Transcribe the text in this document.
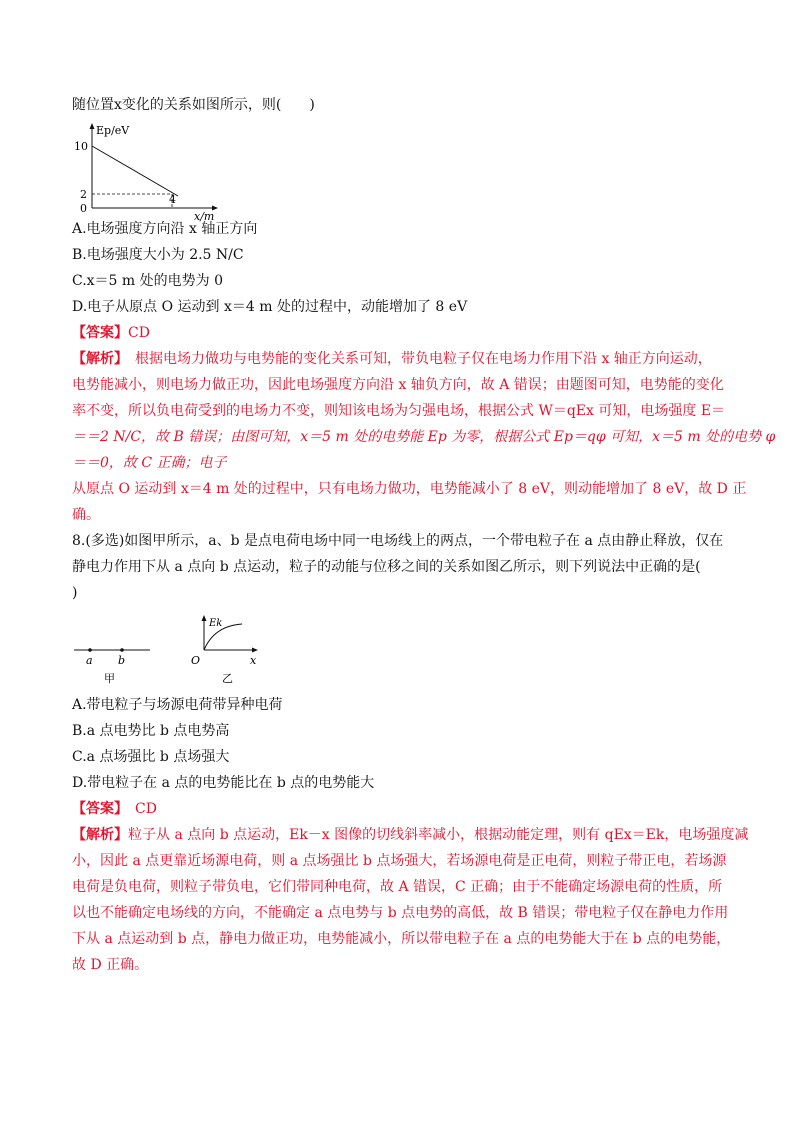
随位置x变化的关系如图所示，则(　　)
Ep/eV
10
2
0
4
x/m
A.电场强度方向沿 x 轴正方向
B.电场强度大小为 2.5 N/C
C.x＝5 m 处的电势为 0
D.电子从原点 O 运动到 x＝4 m 处的过程中，动能增加了 8 eV
【答案】CD
【解析】　根据电场力做功与电势能的变化关系可知，带负电粒子仅在电场力作用下沿 x 轴正方向运动，
电势能减小，则电场力做正功，因此电场强度方向沿 x 轴负方向，故 A 错误；由题图可知，电势能的变化
率不变，所以负电荷受到的电场力不变，则知该电场为匀强电场，根据公式 W＝qEx 可知，电场强度 E＝
＝＝2 N/C，故 B 错误；由图可知，x＝5 m 处的电势能 Ep 为零，根据公式 Ep＝qφ 可知，x＝5 m 处的电势 φ
＝＝0，故 C 正确；电子
从原点 O 运动到 x＝4 m 处的过程中，只有电场力做功，电势能减小了 8 eV，则动能增加了 8 eV，故 D 正
确。
8.(多选)如图甲所示，a、b 是点电荷电场中同一电场线上的两点，一个带电粒子在 a 点由静止释放，仅在
静电力作用下从 a 点向 b 点运动，粒子的动能与位移之间的关系如图乙所示，则下列说法中正确的是(
)
a b
甲
Ek
O	x
乙
A.带电粒子与场源电荷带异种电荷
B.a 点电势比 b 点电势高
C.a 点场强比 b 点场强大
D.带电粒子在 a 点的电势能比在 b 点的电势能大
【答案】　CD
【解析】粒子从 a 点向 b 点运动，Ek－x 图像的切线斜率减小，根据动能定理，则有 qEx＝Ek，电场强度减
小，因此 a 点更靠近场源电荷，则 a 点场强比 b 点场强大，若场源电荷是正电荷，则粒子带正电，若场源
电荷是负电荷，则粒子带负电，它们带同种电荷，故 A 错误，C 正确；由于不能确定场源电荷的性质，所
以也不能确定电场线的方向，不能确定 a 点电势与 b 点电势的高低，故 B 错误；带电粒子仅在静电力作用
下从 a 点运动到 b 点，静电力做正功，电势能减小，所以带电粒子在 a 点的电势能大于在 b 点的电势能，
故 D 正确。
